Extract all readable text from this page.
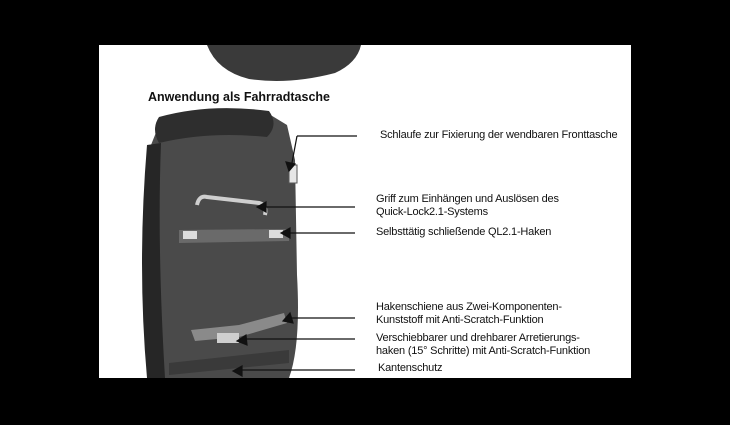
Anwendung als Fahrradtasche
Schlaufe zur Fixierung der wendbaren Fronttasche
Griff zum Einhängen und Auslösen des
Quick-Lock2.1-Systems
Selbsttätig schließende QL2.1-Haken
Hakenschiene aus Zwei-Komponenten-
Kunststoff mit Anti-Scratch-Funktion
Verschiebbarer und drehbarer Arretierungs-
haken (15° Schritte) mit Anti-Scratch-Funktion
Kantenschutz
